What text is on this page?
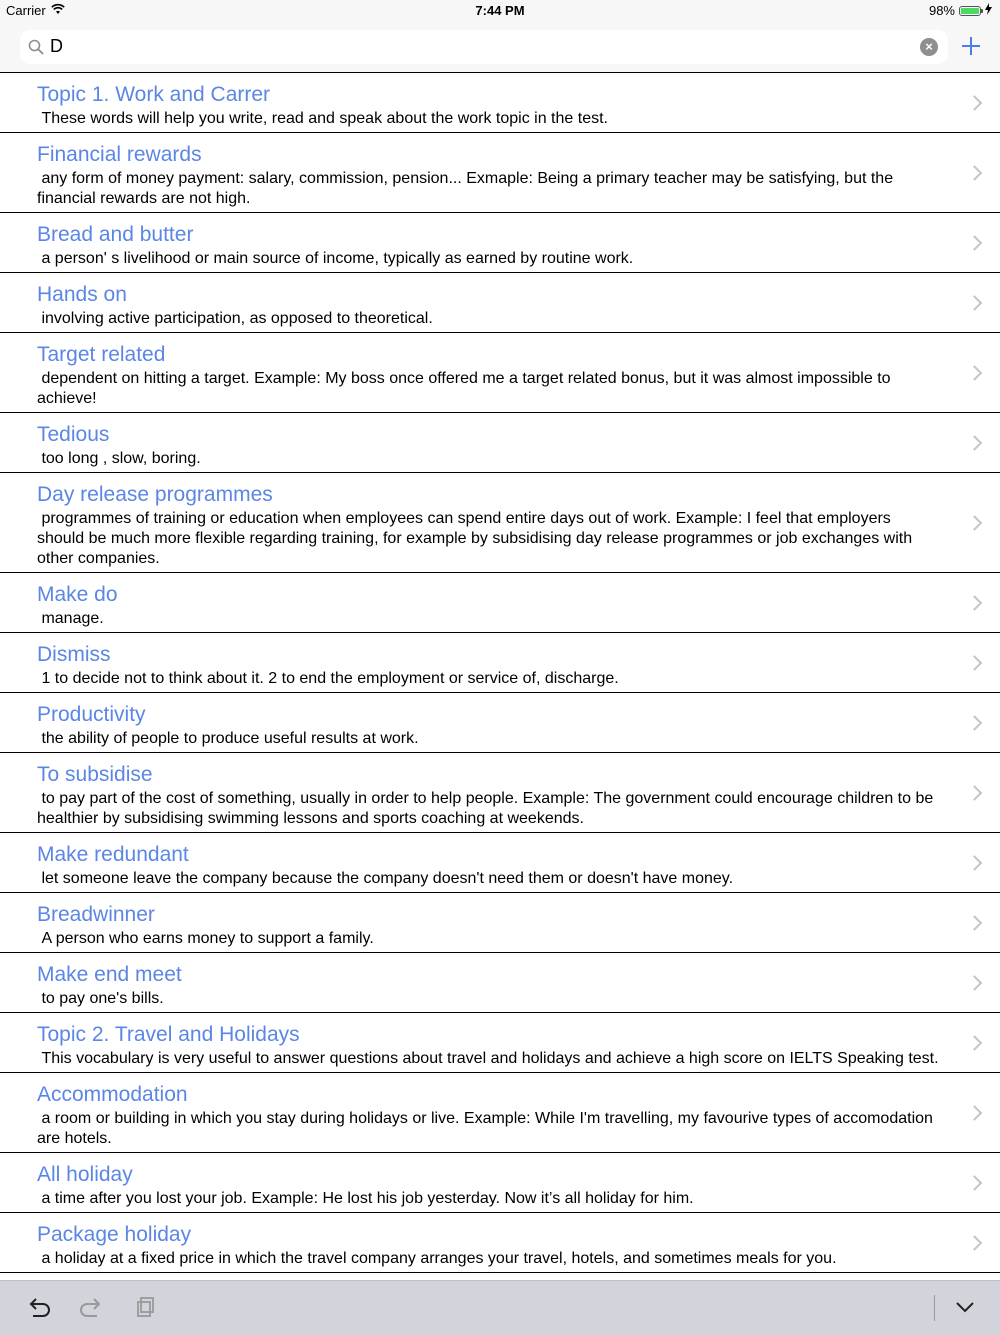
Carrier	7:44 PM	98%
D	×
Topic 1. Work and Carrer
These words will help you write, read and speak about the work topic in the test.
Financial rewards
any form of money payment: salary, commission, pension... Exmaple: Being a primary teacher may be satisfying, but the financial rewards are not high.
Bread and butter
a person' s livelihood or main source of income, typically as earned by routine work.
Hands on
involving active participation, as opposed to theoretical.
Target related
dependent on hitting a target. Example: My boss once offered me a target related bonus, but it was almost impossible to achieve!
Tedious
too long , slow, boring.
Day release programmes
programmes of training or education when employees can spend entire days out of work. Example: I feel that employers should be much more flexible regarding training, for example by subsidising day release programmes or job exchanges with other companies.
Make do
manage.
Dismiss
1 to decide not to think about it. 2 to end the employment or service of, discharge.
Productivity
the ability of people to produce useful results at work.
To subsidise
to pay part of the cost of something, usually in order to help people. Example: The government could encourage children to be healthier by subsidising swimming lessons and sports coaching at weekends.
Make redundant
let someone leave the company because the company doesn't need them or doesn't have money.
Breadwinner
A person who earns money to support a family.
Make end meet
to pay one's bills.
Topic 2. Travel and Holidays
This vocabulary is very useful to answer questions about travel and holidays and achieve a high score on IELTS Speaking test.
Accommodation
a room or building in which you stay during holidays or live. Example: While I'm travelling, my favourive types of accomodation are hotels.
All holiday
a time after you lost your job. Example: He lost his job yesterday. Now it’s all holiday for him.
Package holiday
a holiday at a fixed price in which the travel company arranges your travel, hotels, and sometimes meals for you.
